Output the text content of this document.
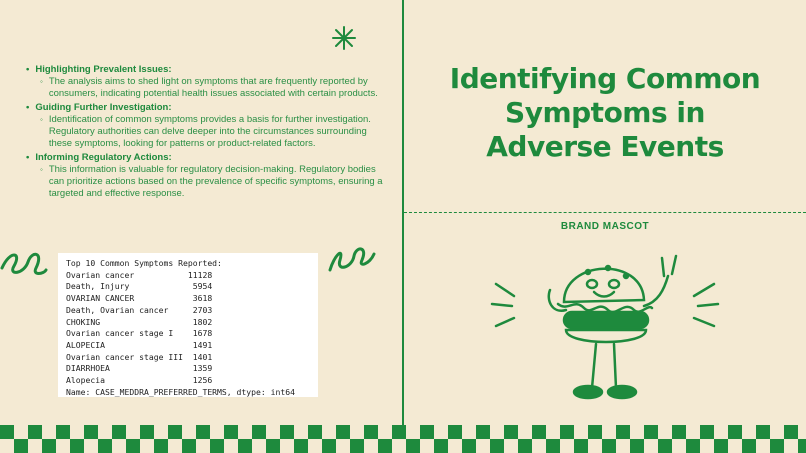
• Highlighting Prevalent Issues:
◦ The analysis aims to shed light on symptoms that are frequently reported by consumers, indicating potential health issues associated with certain products.
• Guiding Further Investigation:
◦ Identification of common symptoms provides a basis for further investigation. Regulatory authorities can delve deeper into the circumstances surrounding these symptoms, looking for patterns or product-related factors.
• Informing Regulatory Actions:
◦ This information is valuable for regulatory decision-making. Regulatory bodies can prioritize actions based on the prevalence of specific symptoms, ensuring a targeted and effective response.
Top 10 Common Symptoms Reported:
Ovarian cancer           11128
Death, Injury             5954
OVARIAN CANCER            3618
Death, Ovarian cancer     2703
CHOKING                   1802
Ovarian cancer stage I    1678
ALOPECIA                  1491
Ovarian cancer stage III  1401
DIARRHOEA                 1359
Alopecia                  1256
Name: CASE_MEDDRA_PREFERRED_TERMS, dtype: int64
Identifying Common Symptoms in Adverse Events
BRAND MASCOT
